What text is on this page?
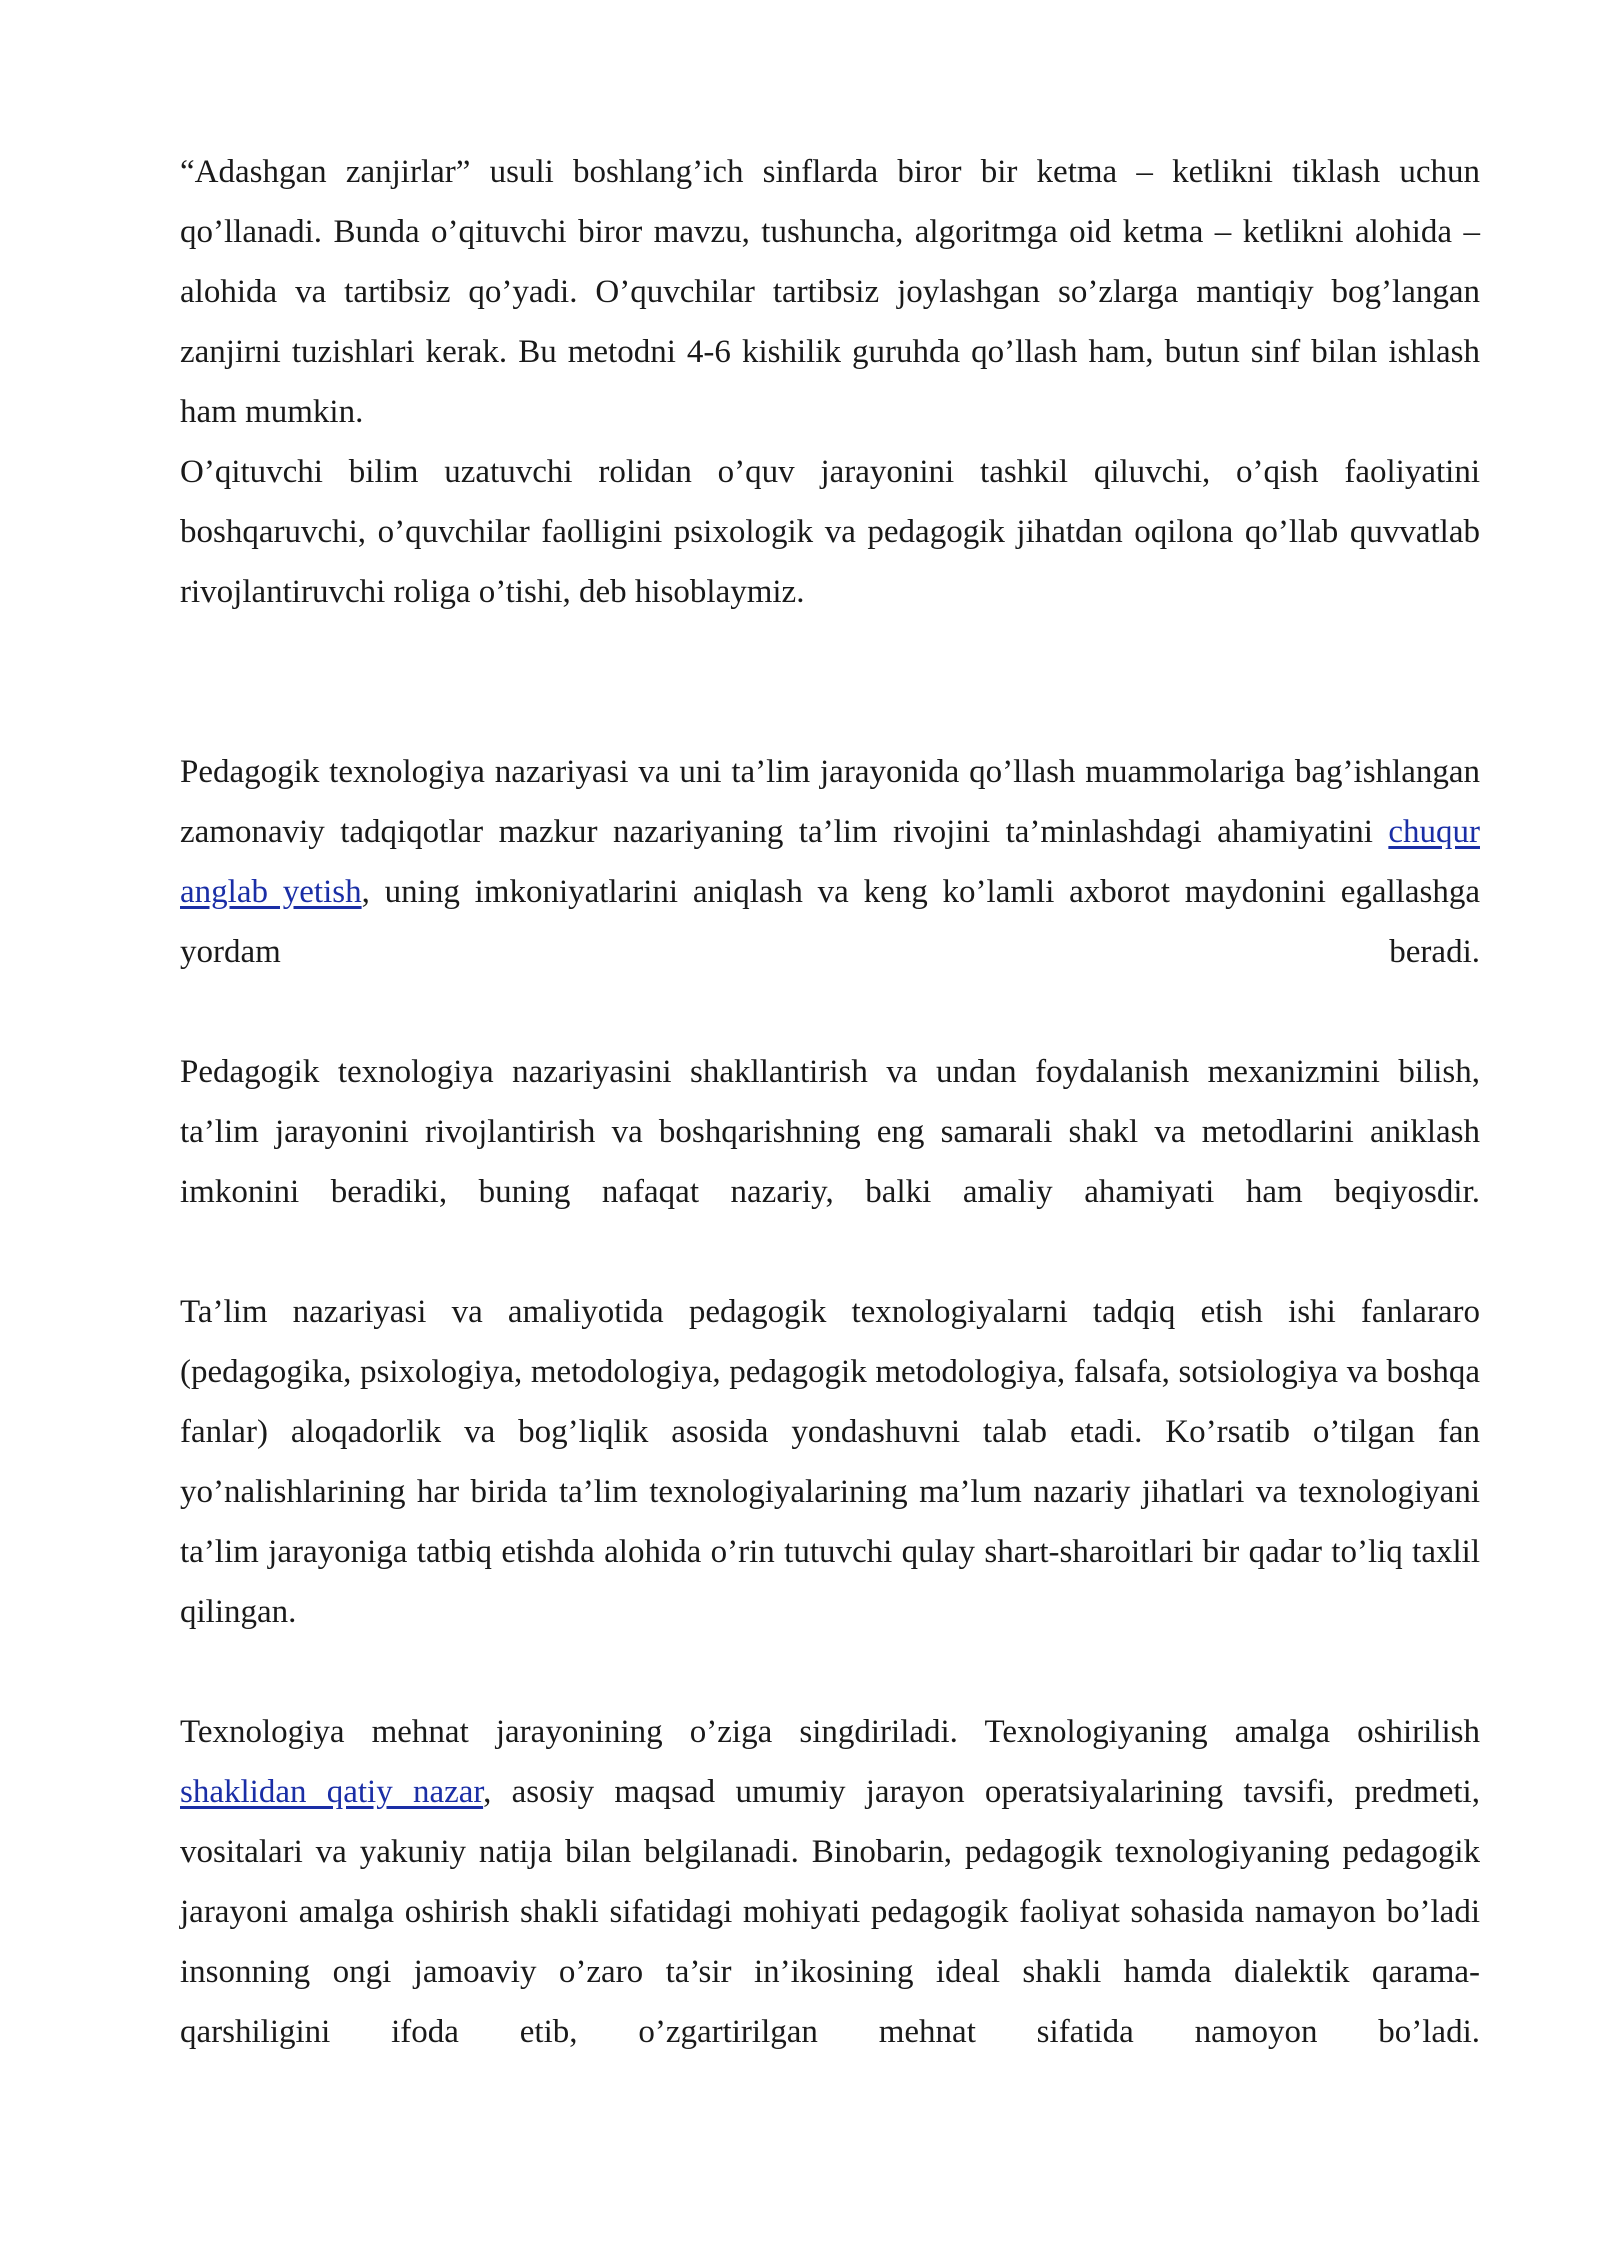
“Adashgan zanjirlar” usuli boshlang’ich sinflarda biror bir ketma – ketlikni tiklash uchun qo’llanadi. Bunda o’qituvchi biror mavzu, tushuncha, algoritmga oid ketma – ketlikni alohida – alohida va tartibsiz qo’yadi. O’quvchilar tartibsiz joylashgan so’zlarga mantiqiy bog’langan zanjirni tuzishlari kerak. Bu metodni 4-6 kishilik guruhda qo’llash ham, butun sinf bilan ishlash ham mumkin.

O’qituvchi bilim uzatuvchi rolidan o’quv jarayonini tashkil qiluvchi, o’qish faoliyatini boshqaruvchi, o’quvchilar faolligini psixologik va pedagogik jihatdan oqilona qo’llab quvvatlab rivojlantiruvchi roliga o’tishi, deb hisoblaymiz.

Pedagogik texnologiya nazariyasi va uni ta’lim jarayonida qo’llash muammolariga bag’ishlangan zamonaviy tadqiqotlar mazkur nazariyaning ta’lim rivojini ta’minlashdagi ahamiyatini chuqur anglab yetish, uning imkoniyatlarini aniqlash va keng ko’lamli axborot maydonini egallashga yordam beradi.

Pedagogik texnologiya nazariyasini shakllantirish va undan foydalanish mexanizmini bilish, ta’lim jarayonini rivojlantirish va boshqarishning eng samarali shakl va metodlarini aniklash imkonini beradiki, buning nafaqat nazariy, balki amaliy ahamiyati ham beqiyosdir.

Ta’lim nazariyasi va amaliyotida pedagogik texnologiyalarni tadqiq etish ishi fanlararo (pedagogika, psixologiya, metodologiya, pedagogik metodologiya, falsafa, sotsiologiya va boshqa fanlar) aloqadorlik va bog’liqlik asosida yondashuvni talab etadi. Ko’rsatib o’tilgan fan yo’nalishlarining har birida ta’lim texnologiyalarining ma’lum nazariy jihatlari va texnologiyani ta’lim jarayoniga tatbiq etishda alohida o’rin tutuvchi qulay shart-sharoitlari bir qadar to’liq taxlil qilingan.

Texnologiya mehnat jarayonining o’ziga singdiriladi. Texnologiyaning amalga oshirilish shaklidan qatiy nazar, asosiy maqsad umumiy jarayon operatsiyalarining tavsifi, predmeti, vositalari va yakuniy natija bilan belgilanadi. Binobarin, pedagogik texnologiyaning pedagogik jarayoni amalga oshirish shakli sifatidagi mohiyati pedagogik faoliyat sohasida namayon bo’ladi insonning ongi jamoaviy o’zaro ta’sir in’ikosining ideal shakli hamda dialektik qarama-qarshiligini ifoda etib, o’zgartirilgan mehnat sifatida namoyon bo’ladi.
